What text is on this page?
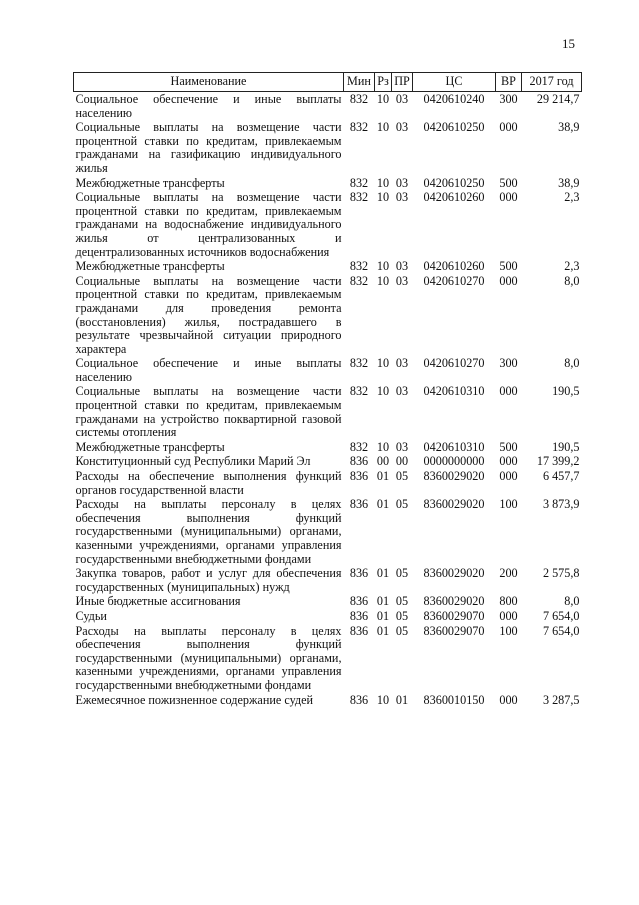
15
Наименование	Мин	Рз	ПР	ЦС	ВР	2017 год
Социальное обеспечение и иные выплаты населению	832	10	03	0420610240	300	29 214,7
Социальные выплаты на возмещение части процентной ставки по кредитам, привлекаемым гражданами на газификацию индивидуального жилья	832	10	03	0420610250	000	38,9
Межбюджетные трансферты	832	10	03	0420610250	500	38,9
Социальные выплаты на возмещение части процентной ставки по кредитам, привлекаемым гражданами на водоснабжение индивидуального жилья от централизованных и децентрализованных источников водоснабжения	832	10	03	0420610260	000	2,3
Межбюджетные трансферты	832	10	03	0420610260	500	2,3
Социальные выплаты на возмещение части процентной ставки по кредитам, привлекаемым гражданами для проведения ремонта (восстановления) жилья, пострадавшего в результате чрезвычайной ситуации природного характера	832	10	03	0420610270	000	8,0
Социальное обеспечение и иные выплаты населению	832	10	03	0420610270	300	8,0
Социальные выплаты на возмещение части процентной ставки по кредитам, привлекаемым гражданами на устройство поквартирной газовой системы отопления	832	10	03	0420610310	000	190,5
Межбюджетные трансферты	832	10	03	0420610310	500	190,5
Конституционный суд Республики Марий Эл	836	00	00	0000000000	000	17 399,2
Расходы на обеспечение выполнения функций органов государственной власти	836	01	05	8360029020	000	6 457,7
Расходы на выплаты персоналу в целях обеспечения выполнения функций государственными (муниципальными) органами, казенными учреждениями, органами управления государственными внебюджетными фондами	836	01	05	8360029020	100	3 873,9
Закупка товаров, работ и услуг для обеспечения государственных (муниципальных) нужд	836	01	05	8360029020	200	2 575,8
Иные бюджетные ассигнования	836	01	05	8360029020	800	8,0
Судьи	836	01	05	8360029070	000	7 654,0
Расходы на выплаты персоналу в целях обеспечения выполнения функций государственными (муниципальными) органами, казенными учреждениями, органами управления государственными внебюджетными фондами	836	01	05	8360029070	100	7 654,0
Ежемесячное пожизненное содержание судей	836	10	01	8360010150	000	3 287,5
